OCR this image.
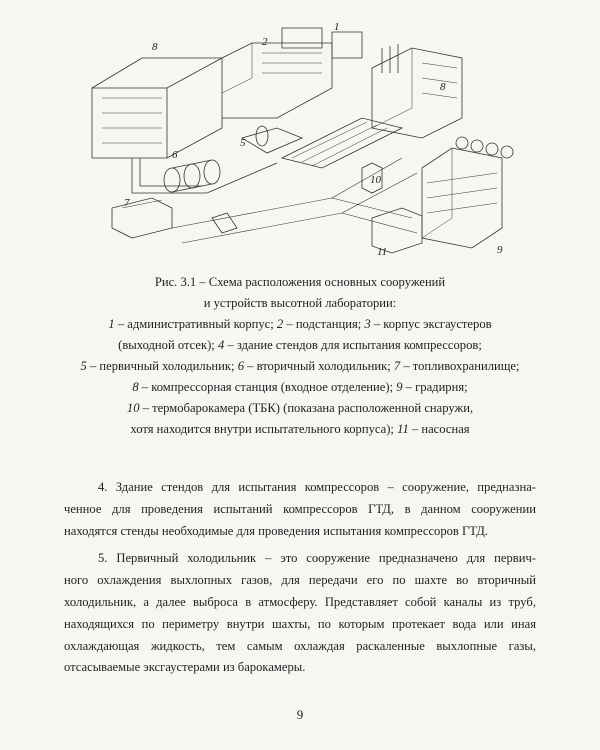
8	2
1
8
5
6
7
10
11	9
Рис. 3.1 – Схема расположения основных сооружений
и устройств высотной лаборатории:
1 – административный корпус; 2 – подстанция; 3 – корпус эксгаустеров
(выходной отсек); 4 – здание стендов для испытания компрессоров;
5 – первичный холодильник; 6 – вторичный холодильник; 7 – топливохранилище;
8 – компрессорная станция (входное отделение); 9 – градирня;
10 – термобарокамера (ТБК) (показана расположенной снаружи,
хотя находится внутри испытательного корпуса); 11 – насосная
4. Здание стендов для испытания компрессоров – сооружение, предназна-
ченное для проведения испытаний компрессоров ГТД, в данном сооружении
находятся стенды необходимые для проведения испытания компрессоров ГТД.
5. Первичный холодильник – это сооружение предназначено для первич-
ного охлаждения выхлопных газов, для передачи его по шахте во вторичный
холодильник, а далее выброса в атмосферу. Представляет собой каналы из труб,
находящихся по периметру внутри шахты, по которым протекает вода или иная
охлаждающая жидкость, тем самым охлаждая раскаленные выхлопные газы,
отсасываемые эксгаустерами из барокамеры.
9
